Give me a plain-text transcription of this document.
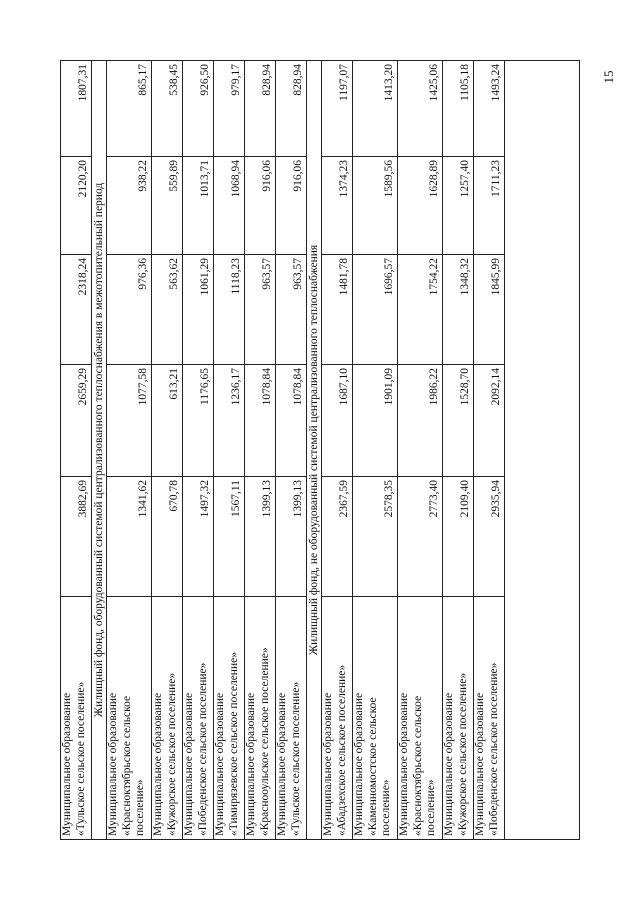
15
Муниципальное образование «Тульское сельское поселение»
3882,69
2659,29
2318,24
2120,20
1807,31
Жилищный фонд, оборудованный системой централизованного теплоснабжения в межотопительный период
Муниципальное образование «Красноктябрьское сельское поселение»
1341,62
1077,58
976,36
938,22
865,17
Муниципальное образование «Кужорское сельское поселение»
670,78
613,21
563,62
559,89
538,45
Муниципальное образование «Победенское сельское поселение»
1497,32
1176,65
1061,29
1013,71
926,50
Муниципальное образование «Тимирязевское сельское поселение»
1567,11
1236,17
1118,23
1068,94
979,17
Муниципальное образование «Краснооульское сельское поселение»
1399,13
1078,84
963,57
916,06
828,94
Муниципальное образование «Тульское сельское поселение»
1399,13
1078,84
963,57
916,06
828,94
Жилищный фонд, не оборудованный системой централизованного теплоснабжения
Муниципальное образование «Абадзехское сельское поселение»
2367,59
1687,10
1481,78
1374,23
1197,07
Муниципальное образование «Каменномостское сельское поселение»
2578,35
1901,09
1696,57
1589,56
1413,20
Муниципальное образование «Красноктябрьское сельское поселение»
2773,40
1986,22
1754,22
1628,89
1425,06
Муниципальное образование «Кужорское сельское поселение»
2109,40
1528,70
1348,32
1257,40
1105,18
Муниципальное образование «Победенское сельское поселение»
2935,94
2092,14
1845,99
1711,23
1493,24
